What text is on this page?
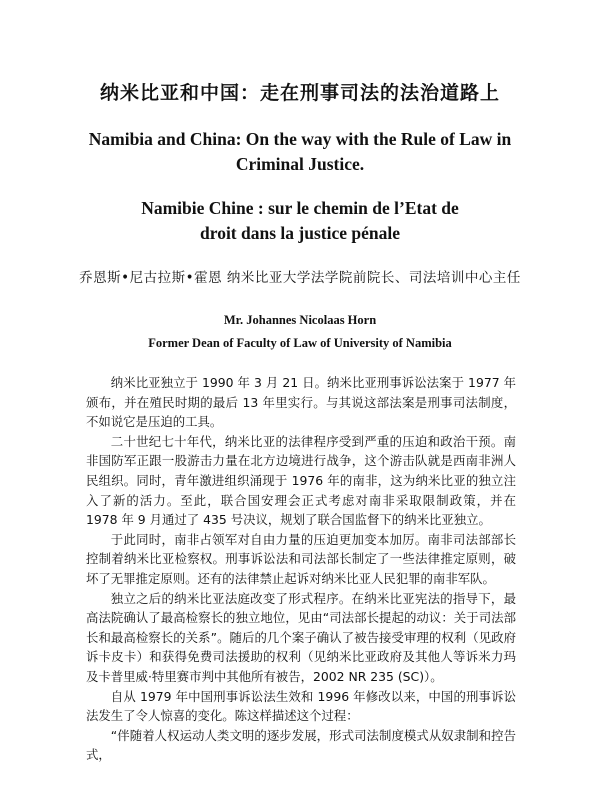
纳米比亚和中国：走在刑事司法的法治道路上
Namibia and China: On the way with the Rule of Law in
Criminal Justice.
Namibie Chine : sur le chemin de l’Etat de
droit dans la justice pénale
乔恩斯•尼古拉斯•霍恩 纳米比亚大学法学院前院长、司法培训中心主任
Mr. Johannes Nicolaas Horn
Former Dean of Faculty of Law of University of Namibia

纳米比亚独立于 1990 年 3 月 21 日。纳米比亚刑事诉讼法案于 1977 年颁布，并在殖民时期的最后 13 年里实行。与其说这部法案是刑事司法制度，不如说它是压迫的工具。

二十世纪七十年代，纳米比亚的法律程序受到严重的压迫和政治干预。南非国防军正跟一股游击力量在北方边境进行战争，这个游击队就是西南非洲人民组织。同时，青年激进组织涌现于 1976 年的南非，这为纳米比亚的独立注入了新的活力。至此，联合国安理会正式考虑对南非采取限制政策，并在 1978 年 9 月通过了 435 号决议，规划了联合国监督下的纳米比亚独立。

于此同时，南非占领军对自由力量的压迫更加变本加厉。南非司法部部长控制着纳米比亚检察权。刑事诉讼法和司法部长制定了一些法律推定原则，破坏了无罪推定原则。还有的法律禁止起诉对纳米比亚人民犯罪的南非军队。

独立之后的纳米比亚法庭改变了形式程序。在纳米比亚宪法的指导下，最高法院确认了最高检察长的独立地位，见由“司法部长提起的动议：关于司法部长和最高检察长的关系”。随后的几个案子确认了被告接受审理的权利（见政府诉卡皮卡）和获得免费司法援助的权利（见纳米比亚政府及其他人等诉米力玛及卡普里威·特里赛市判中其他所有被告，2002 NR 235 (SC)）。

自从 1979 年中国刑事诉讼法生效和 1996 年修改以来，中国的刑事诉讼法发生了令人惊喜的变化。陈这样描述这个过程：

“伴随着人权运动人类文明的逐步发展，形式司法制度模式从奴隶制和控告式，
